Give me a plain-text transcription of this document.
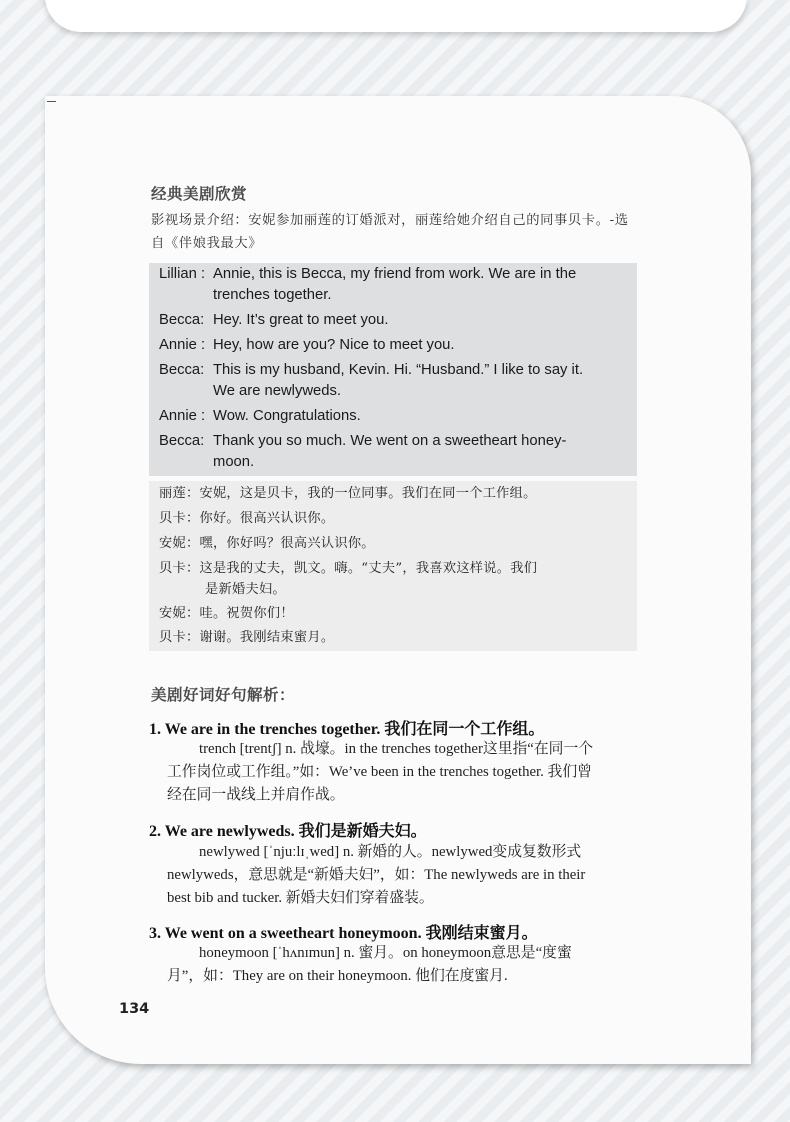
经典美剧欣赏
影视场景介绍：安妮参加丽莲的订婚派对，丽莲给她介绍自己的同事贝卡。-选自《伴娘我最大》
Lillian : Annie, this is Becca, my friend from work. We are in the
trenches together.
Becca: Hey. It’s great to meet you.
Annie : Hey, how are you? Nice to meet you.
Becca: This is my husband, Kevin. Hi. “Husband.” I like to say it.
We are newlyweds.
Annie : Wow. Congratulations.
Becca: Thank you so much. We went on a sweetheart honey-
moon.
丽莲：安妮，这是贝卡，我的一位同事。我们在同一个工作组。
贝卡：你好。很高兴认识你。
安妮：嘿，你好吗？很高兴认识你。
贝卡：这是我的丈夫，凯文。嗨。“丈夫”，我喜欢这样说。我们
是新婚夫妇。
安妮：哇。祝贺你们！
贝卡：谢谢。我刚结束蜜月。
美剧好词好句解析：
1. We are in the trenches together. 我们在同一个工作组。
trench [trentʃ] n. 战壕。in the trenches together这里指“在同一个
工作岗位或工作组。”如：We’ve been in the trenches together. 我们曾
经在同一战线上并肩作战。
2. We are newlyweds. 我们是新婚夫妇。
newlywed [ˈnjuːlɪˌwed] n. 新婚的人。newlywed变成复数形式
newlyweds，意思就是“新婚夫妇”，如：The newlyweds are in their
best bib and tucker. 新婚夫妇们穿着盛装。
3. We went on a sweetheart honeymoon. 我刚结束蜜月。
honeymoon [ˈhʌnɪmun] n. 蜜月。on honeymoon意思是“度蜜
月”，如：They are on their honeymoon. 他们在度蜜月.
134
